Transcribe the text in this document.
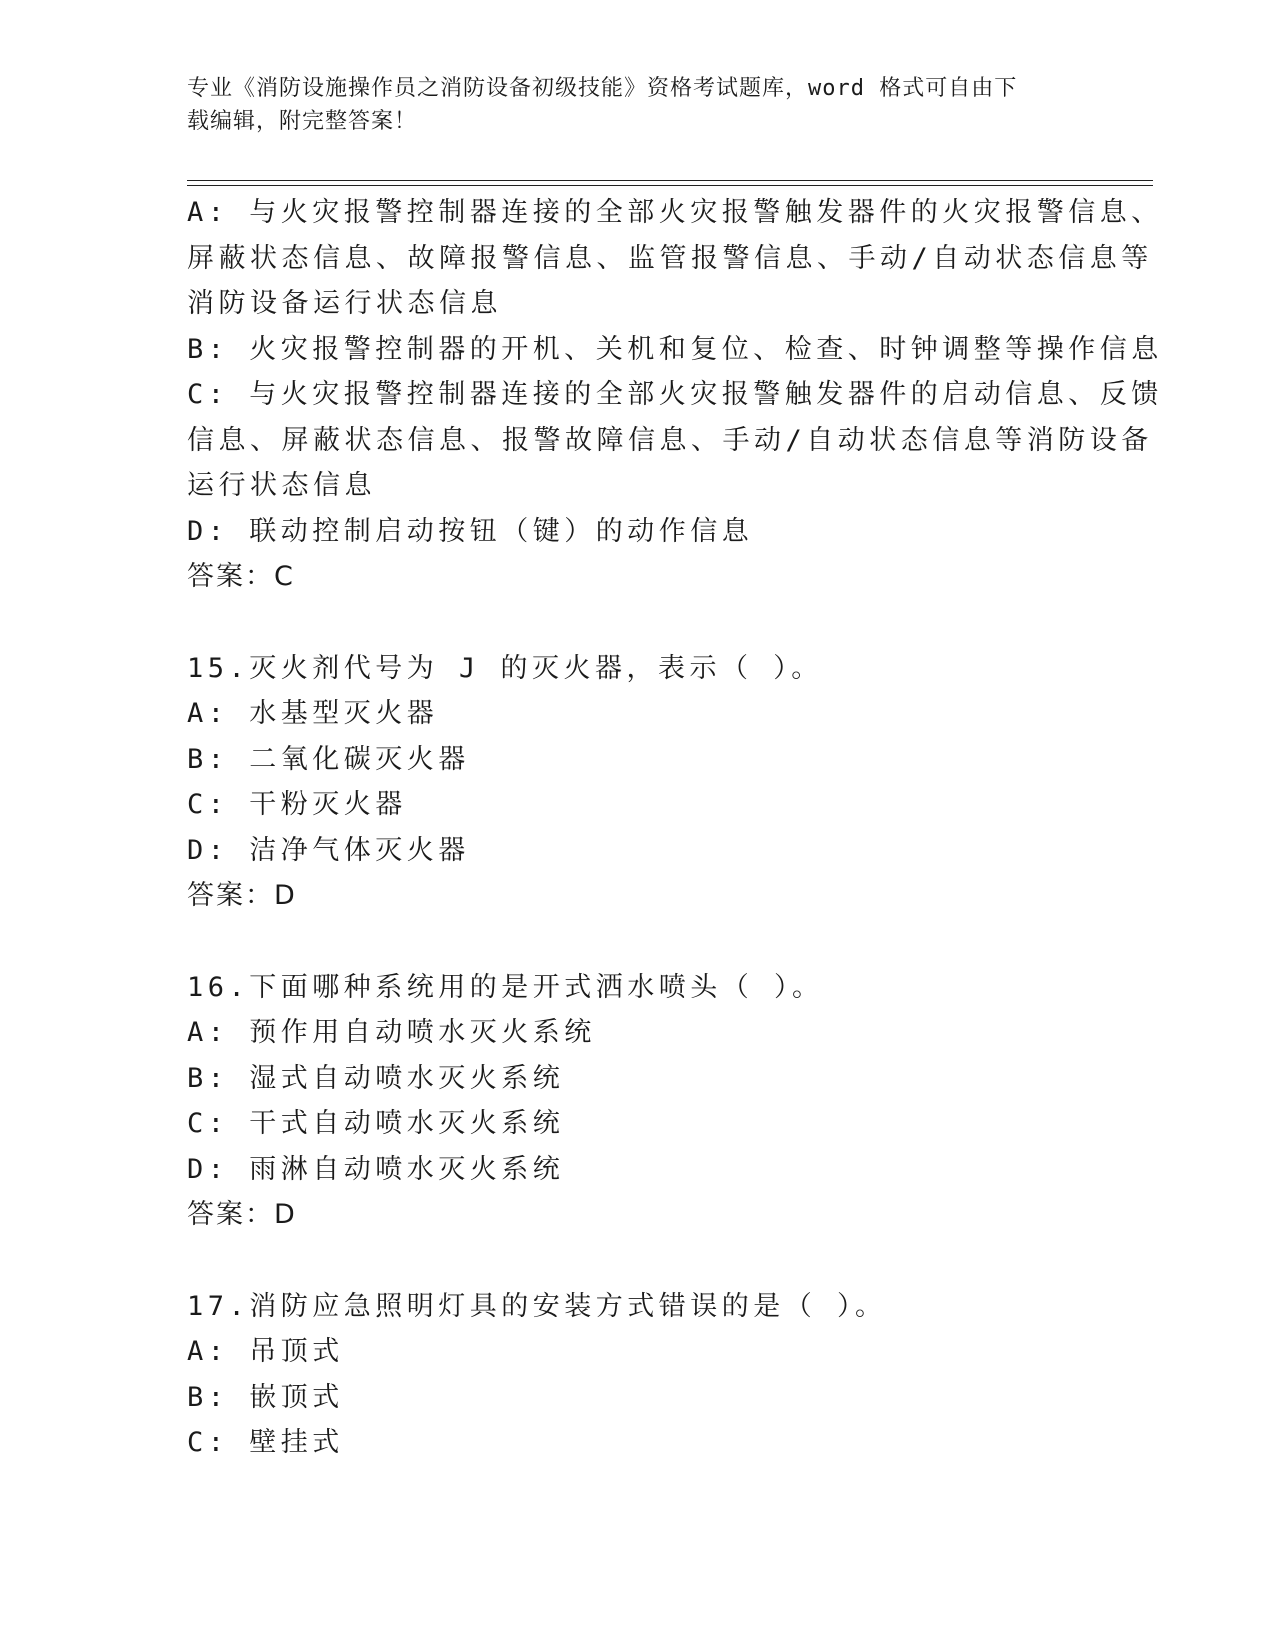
专业《消防设施操作员之消防设备初级技能》资格考试题库，word 格式可自由下
载编辑，附完整答案！
A: 与火灾报警控制器连接的全部火灾报警触发器件的火灾报警信息、
屏蔽状态信息、故障报警信息、监管报警信息、手动/自动状态信息等
消防设备运行状态信息
B: 火灾报警控制器的开机、关机和复位、检查、时钟调整等操作信息
C: 与火灾报警控制器连接的全部火灾报警触发器件的启动信息、反馈
信息、屏蔽状态信息、报警故障信息、手动/自动状态信息等消防设备
运行状态信息
D: 联动控制启动按钮（键）的动作信息
答案：C
15.灭火剂代号为 J 的灭火器，表示（ ）。
A: 水基型灭火器
B: 二氧化碳灭火器
C: 干粉灭火器
D: 洁净气体灭火器
答案：D
16.下面哪种系统用的是开式洒水喷头（ ）。
A: 预作用自动喷水灭火系统
B: 湿式自动喷水灭火系统
C: 干式自动喷水灭火系统
D: 雨淋自动喷水灭火系统
答案：D
17.消防应急照明灯具的安装方式错误的是（ ）。
A: 吊顶式
B: 嵌顶式
C: 壁挂式
